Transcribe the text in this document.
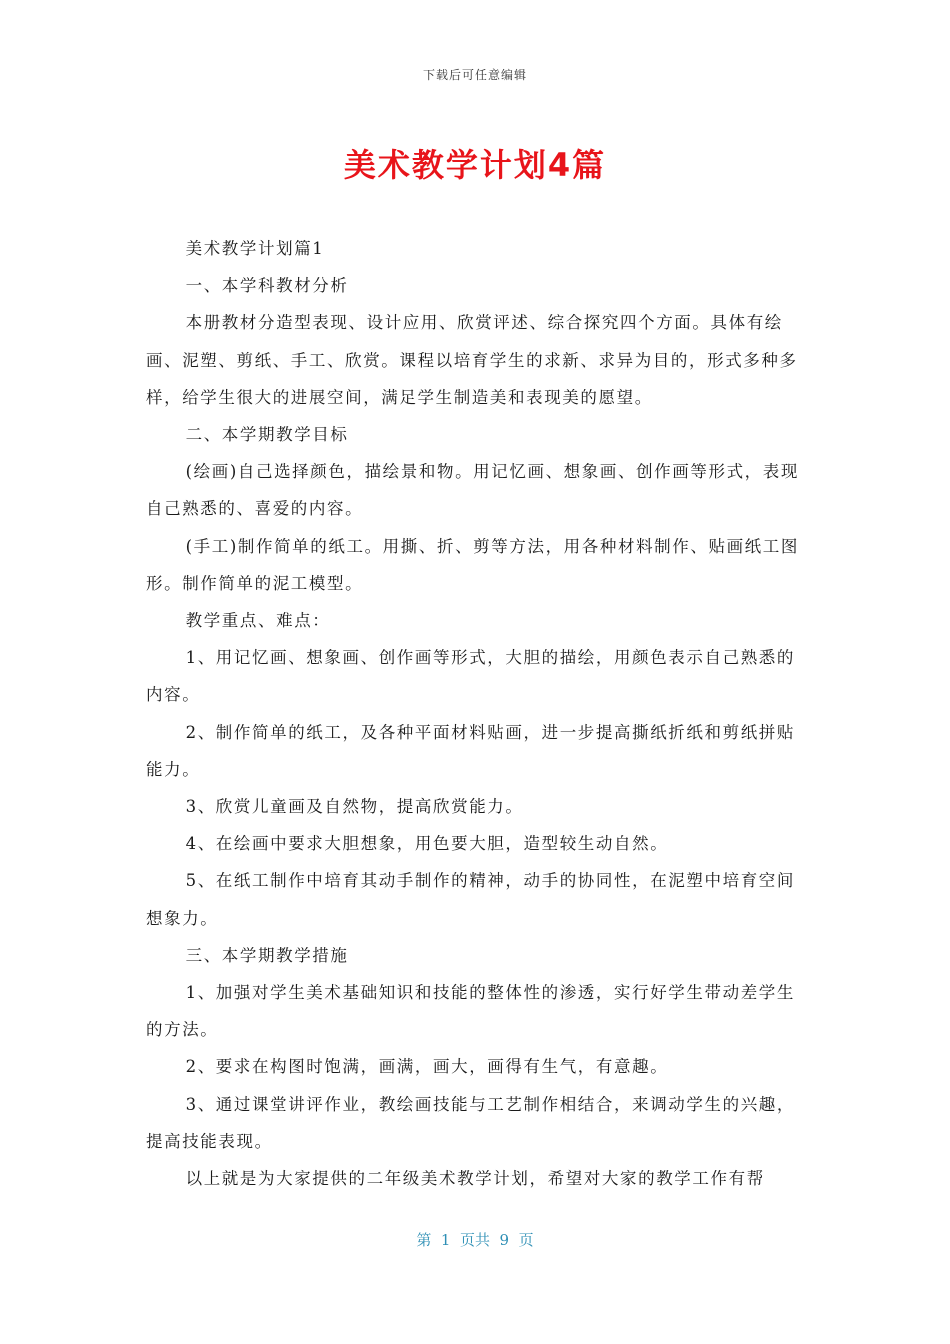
下载后可任意编辑
美术教学计划4篇

美术教学计划篇1

一、本学科教材分析

本册教材分造型表现、设计应用、欣赏评述、综合探究四个方面。具体有绘画、泥塑、剪纸、手工、欣赏。课程以培育学生的求新、求异为目的，形式多种多样，给学生很大的进展空间，满足学生制造美和表现美的愿望。

二、本学期教学目标

(绘画)自己选择颜色，描绘景和物。用记忆画、想象画、创作画等形式，表现自己熟悉的、喜爱的内容。

(手工)制作简单的纸工。用撕、折、剪等方法，用各种材料制作、贴画纸工图形。制作简单的泥工模型。

教学重点、难点：

1、用记忆画、想象画、创作画等形式，大胆的描绘，用颜色表示自己熟悉的内容。

2、制作简单的纸工，及各种平面材料贴画，进一步提高撕纸折纸和剪纸拼贴能力。

3、欣赏儿童画及自然物，提高欣赏能力。

4、在绘画中要求大胆想象，用色要大胆，造型较生动自然。

5、在纸工制作中培育其动手制作的精神，动手的协同性，在泥塑中培育空间想象力。

三、本学期教学措施

1、加强对学生美术基础知识和技能的整体性的渗透，实行好学生带动差学生的方法。

2、要求在构图时饱满，画满，画大，画得有生气，有意趣。

3、通过课堂讲评作业，教绘画技能与工艺制作相结合，来调动学生的兴趣，提高技能表现。

以上就是为大家提供的二年级美术教学计划，希望对大家的教学工作有帮

第  1  页共  9  页
